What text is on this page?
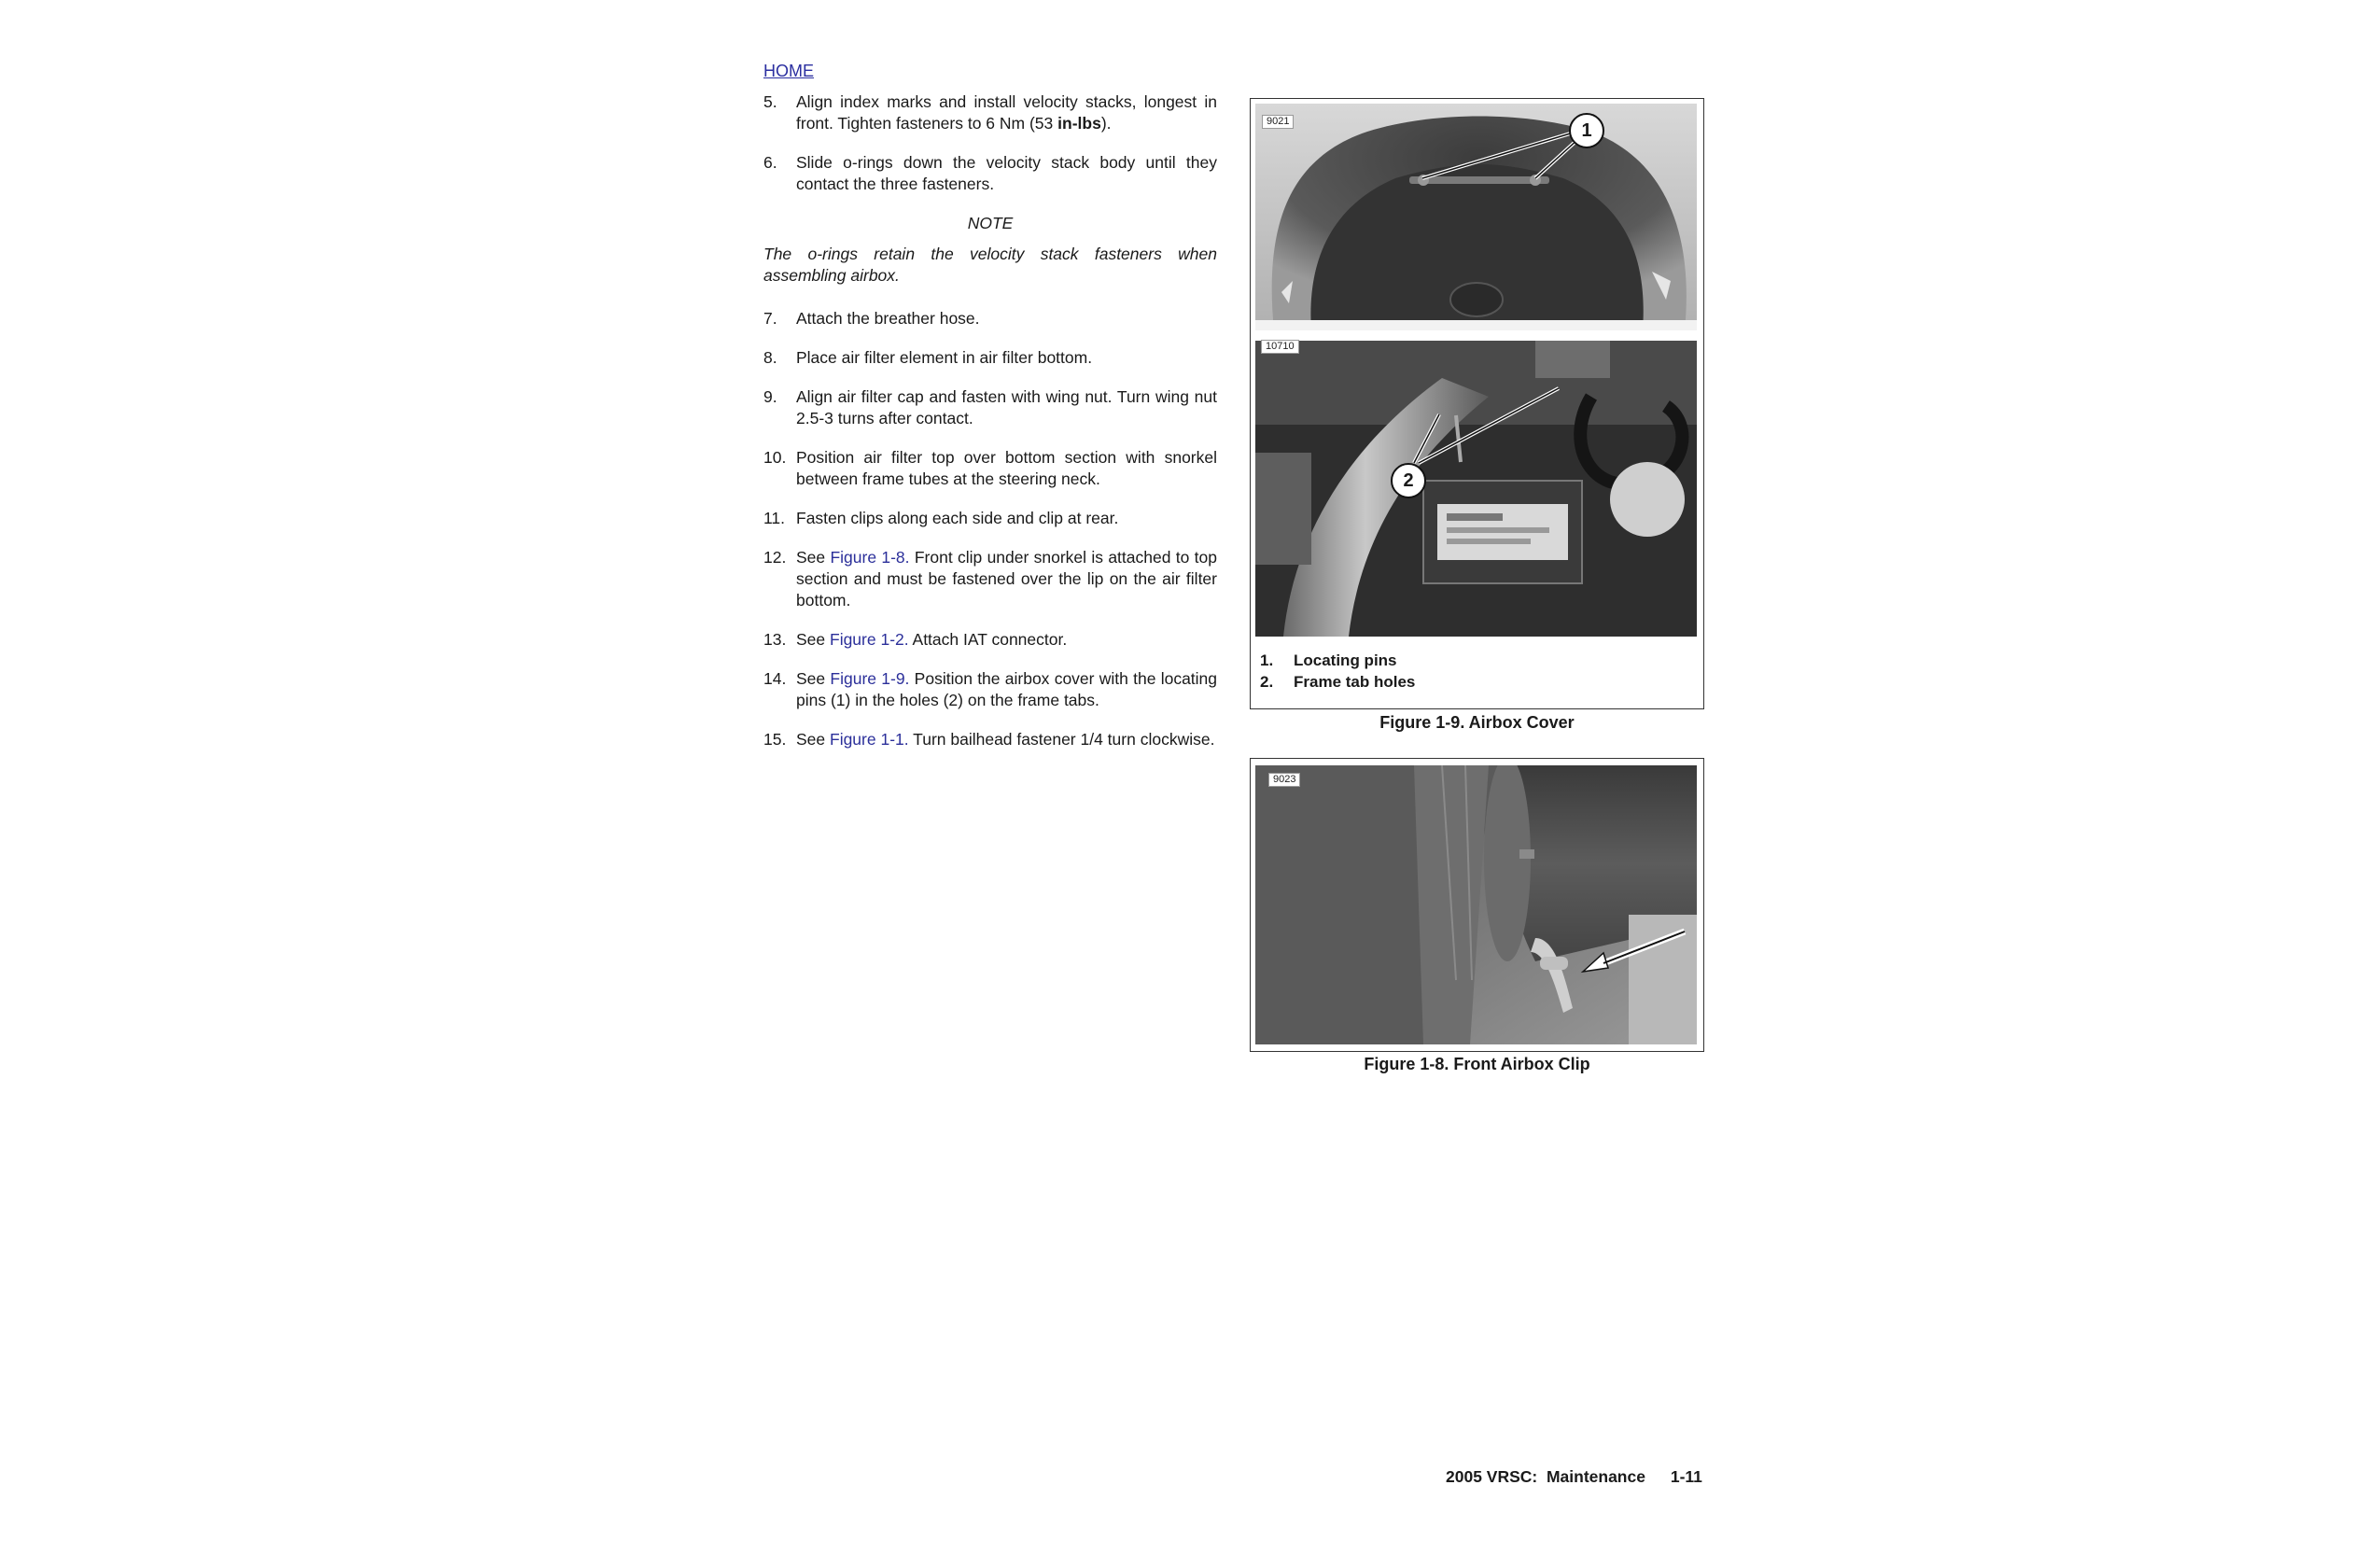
HOME
5. Align index marks and install velocity stacks, longest in front. Tighten fasteners to 6 Nm (53 in-lbs).
6. Slide o-rings down the velocity stack body until they contact the three fasteners.
NOTE
The o-rings retain the velocity stack fasteners when assembling airbox.
7. Attach the breather hose.
8. Place air filter element in air filter bottom.
9. Align air filter cap and fasten with wing nut. Turn wing nut 2.5-3 turns after contact.
10. Position air filter top over bottom section with snorkel between frame tubes at the steering neck.
11. Fasten clips along each side and clip at rear.
12. See Figure 1-8. Front clip under snorkel is attached to top section and must be fastened over the lip on the air filter bottom.
13. See Figure 1-2. Attach IAT connector.
14. See Figure 1-9. Position the airbox cover with the locating pins (1) in the holes (2) on the frame tabs.
15. See Figure 1-1. Turn bailhead fastener 1/4 turn clockwise.
9021
10710
1
2
1. Locating pins
2. Frame tab holes
Figure 1-9. Airbox Cover
9023
Figure 1-8. Front Airbox Clip
2005 VRSC:  Maintenance 1-11
